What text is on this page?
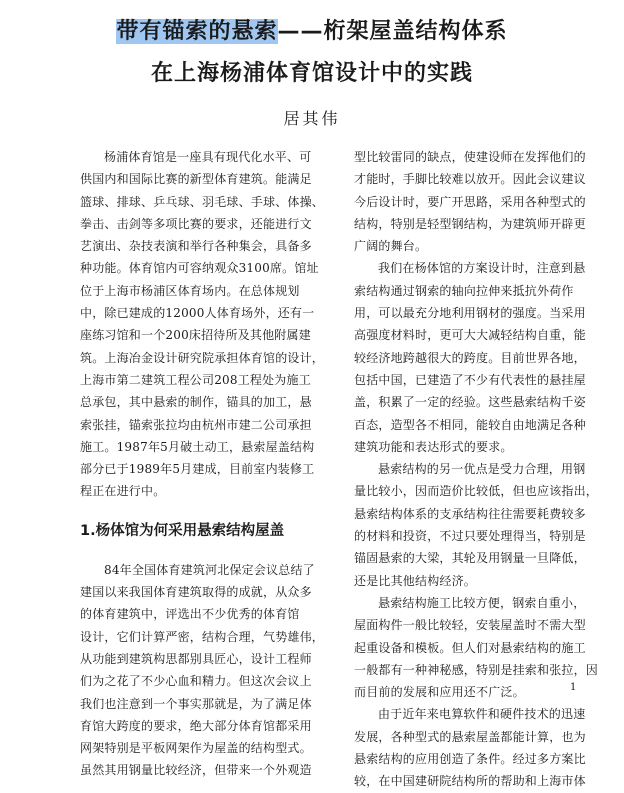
带有锚索的悬索——桁架屋盖结构体系
在上海杨浦体育馆设计中的实践
居其伟
杨浦体育馆是一座具有现代化水平、可
供国内和国际比赛的新型体育建筑。能满足
篮球、排球、乒乓球、羽毛球、手球、体操、
拳击、击剑等多项比赛的要求，还能进行文
艺演出、杂技表演和举行各种集会，具备多
种功能。体育馆内可容纳观众3100席。馆址
位于上海市杨浦区体育场内。在总体规划
中，除已建成的12000人体育场外，还有一
座练习馆和一个200床招待所及其他附属建
筑。上海冶金设计研究院承担体育馆的设计，
上海市第二建筑工程公司208工程处为施工
总承包，其中悬索的制作，锚具的加工，悬
索张挂，锚索张拉均由杭州市建二公司承担
施工。1987年5月破土动工，悬索屋盖结构
部分已于1989年5月建成，目前室内装修工
程正在进行中。
1.杨体馆为何采用悬索结构屋盖
84年全国体育建筑河北保定会议总结了
建国以来我国体育建筑取得的成就，从众多
的体育建筑中，评选出不少优秀的体育馆
设计，它们计算严密，结构合理，气势雄伟，
从功能到建筑构思都别具匠心，设计工程师
们为之花了不少心血和精力。但这次会议上
我们也注意到一个事实那就是，为了满足体
育馆大跨度的要求，绝大部分体育馆都采用
网架特别是平板网架作为屋盖的结构型式。
虽然其用钢量比较经济，但带来一个外观造
型比较雷同的缺点，使建设师在发挥他们的
才能时，手脚比较难以放开。因此会议建议
今后设计时，要广开思路，采用各种型式的
结构，特别是轻型钢结构，为建筑师开辟更
广阔的舞台。
我们在杨体馆的方案设计时，注意到悬
索结构通过钢索的轴向拉伸来抵抗外荷作
用，可以最充分地利用钢材的强度。当采用
高强度材料时，更可大大减轻结构自重，能
较经济地跨越很大的跨度。目前世界各地，
包括中国，已建造了不少有代表性的悬挂屋
盖，积累了一定的经验。这些悬索结构千姿
百态，造型各不相同，能较自由地满足各种
建筑功能和表达形式的要求。
悬索结构的另一优点是受力合理，用钢
量比较小，因而造价比较低，但也应该指出，
悬索结构体系的支承结构往往需要耗费较多
的材料和投资，不过只要处理得当，特别是
锚固悬索的大梁，其轮及用钢量一旦降低，
还是比其他结构经济。
悬索结构施工比较方便，钢索自重小，
屋面构件一般比较轻，安装屋盖时不需大型
起重设备和模板。但人们对悬索结构的施工
一般都有一种神秘感，特别是挂索和张拉，因
而目前的发展和应用还不广泛。
由于近年来电算软件和硬件技术的迅速
发展，各种型式的悬索屋盖都能计算，也为
悬索结构的应用创造了条件。经过多方案比
较，在中国建研院结构所的帮助和上海市体
1
